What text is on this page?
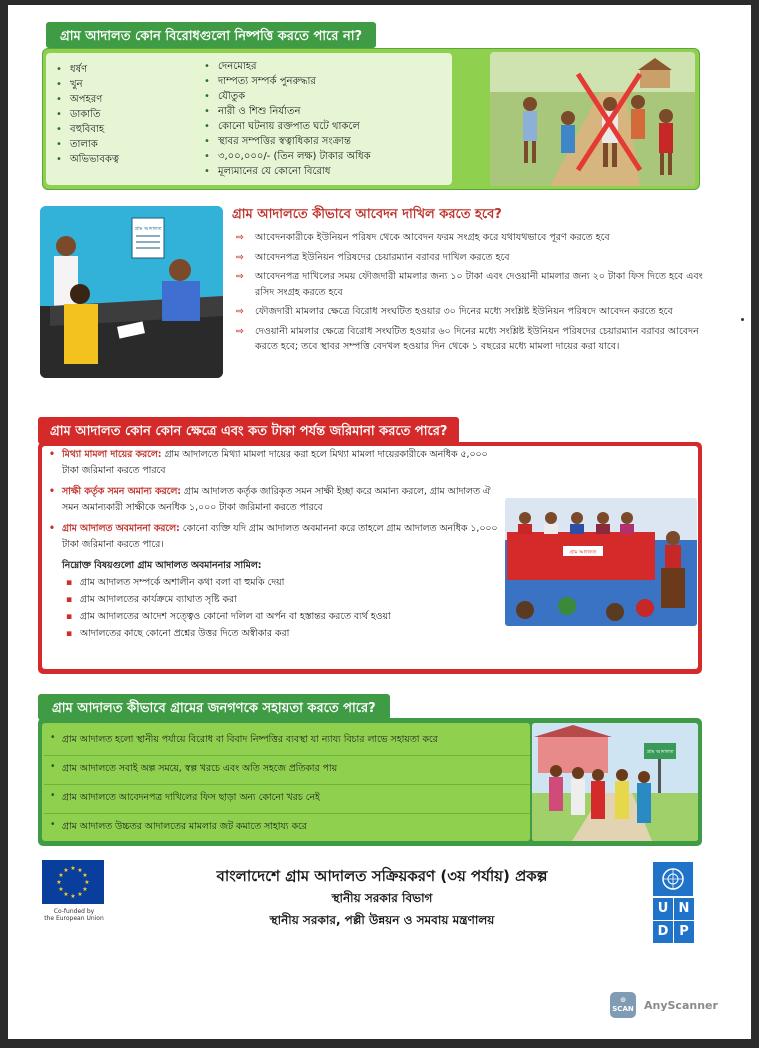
গ্রাম আদালত কোন বিরোধগুলো নিষ্পত্তি করতে পারে না?
• ধর্ষণ
• খুন
• অপহরণ
• ডাকাতি
• বহুবিবাহ
• তালাক
• অভিভাবকত্ব
• দেনমোহর
• দাম্পত্য সম্পর্ক পুনরুদ্ধার
• যৌতুক
• নারী ও শিশু নির্যাতন
• কোনো ঘটনায় রক্তপাত ঘটে থাকলে
• স্থাবর সম্পত্তির স্বত্বাধিকার সংক্রান্ত
• ৩,০০,০০০/- (তিন লক্ষ) টাকার অধিক
• মূল্যমানের যে কোনো বিরোধ
গ্রাম আদালত
গ্রাম আদালতে কীভাবে আবেদন দাখিল করতে হবে?

⇨ আবেদনকারীকে ইউনিয়ন পরিষদ থেকে আবেদন ফরম সংগ্রহ করে যথাযথভাবে পূরণ করতে হবে

⇨ আবেদনপত্র ইউনিয়ন পরিষদের চেয়ারম্যান বরাবর দাখিল করতে হবে

⇨ আবেদনপত্র দাখিলের সময় ফৌজদারী মামলার জন্য ১০ টাকা এবং দেওয়ানী মামলার জন্য ২০ টাকা ফিস দিতে হবে এবং রসিদ সংগ্রহ করতে হবে

⇨ ফৌজদারী মামলার ক্ষেত্রে বিরোধ সংঘটিত হওয়ার ৩০ দিনের মধ্যে সংশ্লিষ্ট ইউনিয়ন পরিষদে আবেদন করতে হবে

⇨ দেওয়ানী মামলার ক্ষেত্রে বিরোধ সংঘটিত হওয়ার ৬০ দিনের মধ্যে সংশ্লিষ্ট ইউনিয়ন পরিষদের চেয়ারম্যান বরাবর আবেদন করতে হবে; তবে স্থাবর সম্পত্তি বেদখল হওয়ার দিন থেকে ১ বছরের মধ্যে মামলা দায়ের করা যাবে।

গ্রাম আদালত কোন কোন ক্ষেত্রে এবং কত টাকা পর্যন্ত জরিমানা করতে পারে?
• মিথ্যা মামলা দায়ের করলে: গ্রাম আদালতে মিথ্যা মামলা দায়ের করা হলে মিথ্যা মামলা দায়েরকারীকে অনধিক ৫,০০০ টাকা জরিমানা করতে পারবে
• সাক্ষী কর্তৃক সমন অমান্য করলে: গ্রাম আদালত কর্তৃক জারিকৃত সমন সাক্ষী ইচ্ছা করে অমান্য করলে, গ্রাম আদালত ঐ সমন অমান্যকারী সাক্ষীকে অনধিক ১,০০০ টাকা জরিমানা করতে পারবে
• গ্রাম আদালত অবমাননা করলে: কোনো ব্যক্তি যদি গ্রাম আদালত অবমাননা করে তাহলে গ্রাম আদালত অনধিক ১,০০০ টাকা জরিমানা করতে পারে।
নিম্নোক্ত বিষয়গুলো গ্রাম আদালত অবমাননার সামিল:
▪ গ্রাম আদালত সম্পর্কে অশালীন কথা বলা বা হুমকি দেয়া
▪ গ্রাম আদালতের কার্যক্রমে ব্যাঘাত সৃষ্টি করা
▪ গ্রাম আদালতের আদেশ সত্ত্বেও কোনো দলিল বা অর্পন বা হস্তান্তর করতে ব্যর্থ হওয়া
▪ আদালতের কাছে কোনো প্রশ্নের উত্তর দিতে অস্বীকার করা
গ্রাম আদালত
গ্রাম আদালত কীভাবে গ্রামের জনগণকে সহায়তা করতে পারে?
• গ্রাম আদালত হলো স্থানীয় পর্যায়ে বিরোধ বা বিবাদ নিষ্পত্তির ব্যবস্থা যা ন্যায্য বিচার লাভে সহায়তা করে
• গ্রাম আদালতে সবাই অল্প সময়ে, স্বল্প খরচে এবং অতি সহজে প্রতিকার পায়
• গ্রাম আদালতে আবেদনপত্র দাখিলের ফিস ছাড়া অন্য কোনো খরচ নেই
• গ্রাম আদালত উচ্চতর আদালতের মামলার জট কমাতে সাহায্য করে
গ্রাম আদালত
★ ★
★
★
★
★
★
★
★
★
★
★
Co-funded by
the European Union
বাংলাদেশে গ্রাম আদালত সক্রিয়করণ (৩য় পর্যায়) প্রকল্প
স্থানীয় সরকার বিভাগ
স্থানীয় সরকার, পল্লী উন্নয়ন ও সমবায় মন্ত্রণালয়
U N
D P
⊙
SCAN AnyScanner
